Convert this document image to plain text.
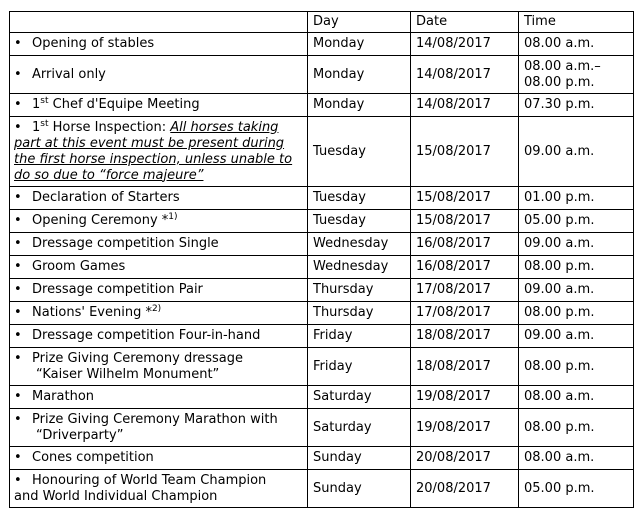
	Day	Date	Time
• Opening of stables	Monday	14/08/2017	08.00 a.m.
• Arrival only	Monday	14/08/2017	08.00 a.m.–
08.00 p.m.

• 1st Chef d'Equipe Meeting	Monday	14/08/2017	07.30 p.m.

• 1st Horse Inspection: All horses taking
part at this event must be present during
the first horse inspection, unless unable to
do so due to “force majeure”	Tuesday	15/08/2017	09.00 a.m.
• Declaration of Starters	Tuesday	15/08/2017	01.00 p.m.
• Opening Ceremony *$^{1)}$	Tuesday	15/08/2017	05.00 p.m.
• Dressage competition Single	Wednesday	16/08/2017	09.00 a.m.
• Groom Games	Wednesday	16/08/2017	08.00 p.m.
• Dressage competition Pair	Thursday	17/08/2017	09.00 a.m.
• Nations' Evening *$^{2)}$	Thursday	17/08/2017	08.00 p.m.
• Dressage competition Four-in-hand	Friday	18/08/2017	09.00 a.m.

• Prize Giving Ceremony dressage
“Kaiser Wilhelm Monument”	Friday	18/08/2017	08.00 p.m.
• Marathon	Saturday	19/08/2017	08.00 a.m.

• Prize Giving Ceremony Marathon with
“Driverparty”	Saturday	19/08/2017	08.00 p.m.
• Cones competition	Sunday	20/08/2017	08.00 a.m.

• Honouring of World Team Champion
and World Individual Champion	Sunday	20/08/2017	05.00 p.m.
